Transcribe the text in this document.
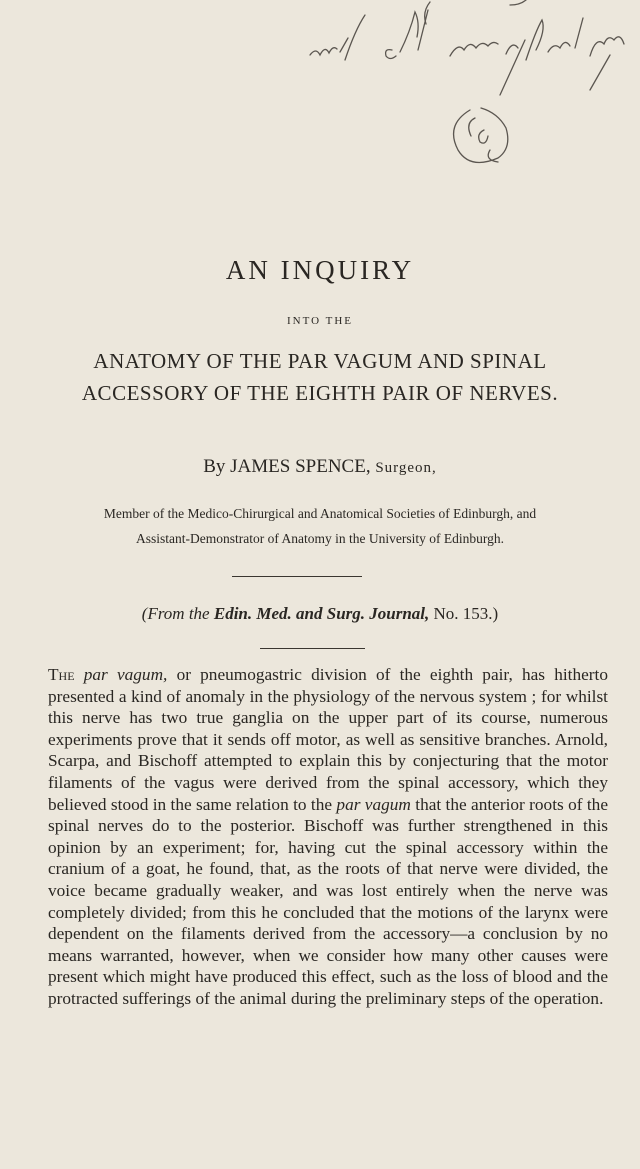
AN INQUIRY
INTO THE
ANATOMY OF THE PAR VAGUM AND SPINAL
ACCESSORY OF THE EIGHTH PAIR OF NERVES.
By JAMES SPENCE, Surgeon,
Member of the Medico-Chirurgical and Anatomical Societies of Edinburgh, and
Assistant-Demonstrator of Anatomy in the University of Edinburgh.
(From the Edin. Med. and Surg. Journal, No. 153.)
The par vagum, or pneumogastric division of the eighth pair, has hitherto presented a kind of anomaly in the physiology of the nervous system ; for whilst this nerve has two true ganglia on the upper part of its course, numerous experiments prove that it sends off motor, as well as sensitive branches. Arnold, Scarpa, and Bischoff attempted to explain this by conjecturing that the motor filaments of the vagus were derived from the spinal accessory, which they believed stood in the same relation to the par vagum that the anterior roots of the spinal nerves do to the posterior. Bischoff was further strengthened in this opinion by an experiment; for, having cut the spinal accessory within the cranium of a goat, he found, that, as the roots of that nerve were divided, the voice became gradually weaker, and was lost entirely when the nerve was completely divided; from this he concluded that the motions of the larynx were dependent on the filaments derived from the accessory—a conclusion by no means warranted, however, when we consider how many other causes were present which might have produced this effect, such as the loss of blood and the protracted sufferings of the animal during the preliminary steps of the operation.
